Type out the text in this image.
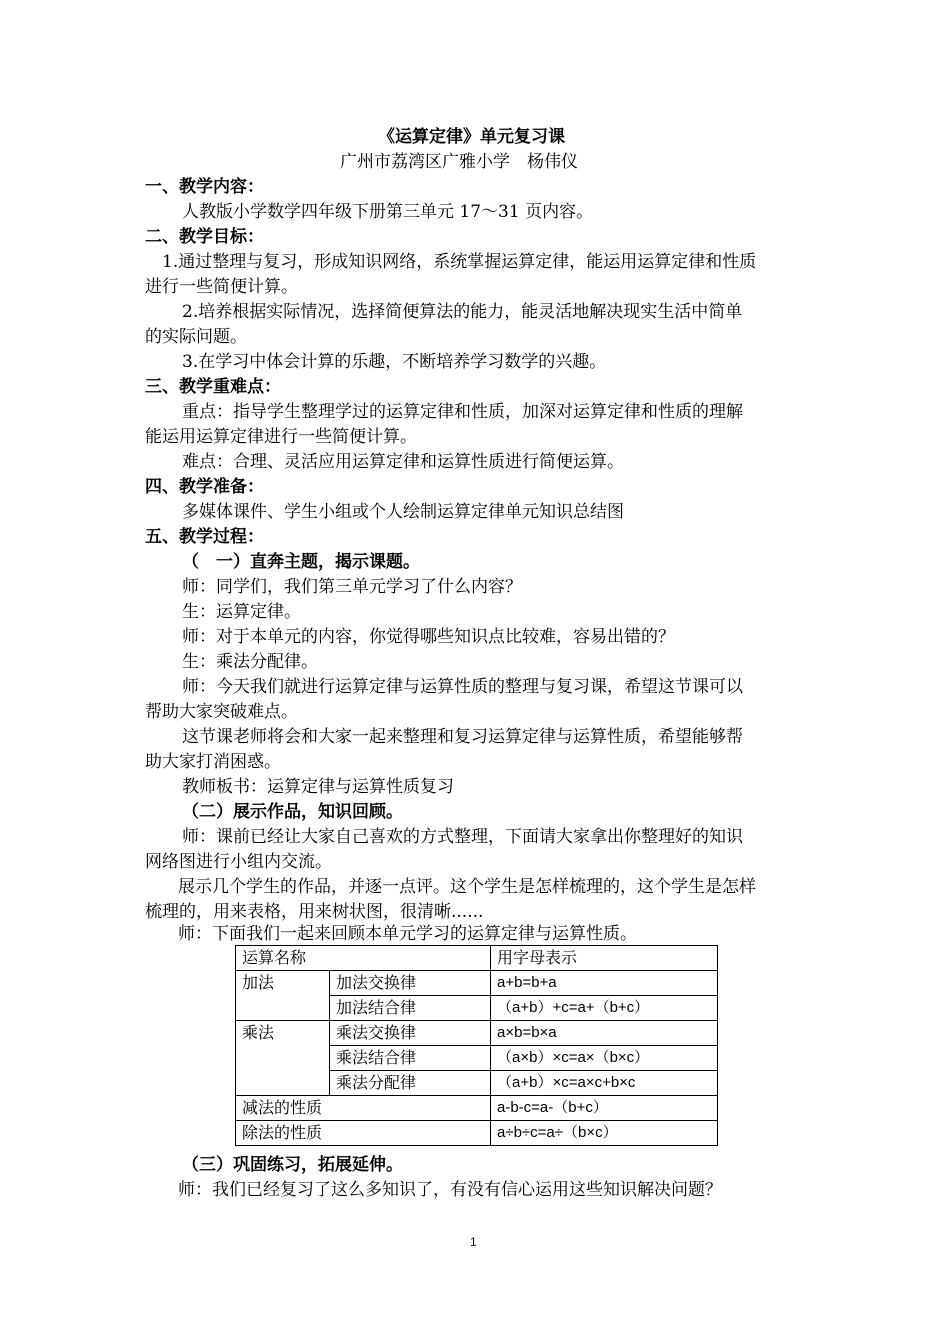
《运算定律》单元复习课
广州市荔湾区广雅小学　杨伟仪
一、教学内容：
人教版小学数学四年级下册第三单元 17～31 页内容。
二、教学目标：
1.通过整理与复习，形成知识网络，系统掌握运算定律，能运用运算定律和性质
进行一些简便计算。
2.培养根据实际情况，选择简便算法的能力，能灵活地解决现实生活中简单
的实际问题。
3.在学习中体会计算的乐趣，不断培养学习数学的兴趣。
三、教学重难点：
重点：指导学生整理学过的运算定律和性质，加深对运算定律和性质的理解
能运用运算定律进行一些简便计算。
难点：合理、灵活应用运算定律和运算性质进行简便运算。
四、教学准备：
多媒体课件、学生小组或个人绘制运算定律单元知识总结图
五、教学过程：
（　一）直奔主题，揭示课题。
师：同学们，我们第三单元学习了什么内容？
生：运算定律。
师：对于本单元的内容，你觉得哪些知识点比较难，容易出错的？
生：乘法分配律。
师：今天我们就进行运算定律与运算性质的整理与复习课，希望这节课可以
帮助大家突破难点。
这节课老师将会和大家一起来整理和复习运算定律与运算性质，希望能够帮
助大家打消困惑。
教师板书：运算定律与运算性质复习
（二）展示作品，知识回顾。
师：课前已经让大家自己喜欢的方式整理，下面请大家拿出你整理好的知识
网络图进行小组内交流。
展示几个学生的作品，并逐一点评。这个学生是怎样梳理的，这个学生是怎样
梳理的，用来表格，用来树状图，很清晰......
师：下面我们一起来回顾本单元学习的运算定律与运算性质。
运算名称		用字母表示
加法	加法交换律	a+b=b+a
	加法结合律	（a+b）+c=a+（b+c）
乘法	乘法交换律	a×b=b×a
	乘法结合律	（a×b）×c=a×（b×c）
	乘法分配律	（a+b）×c=a×c+b×c
减法的性质		a-b-c=a-（b+c）
除法的性质		a÷b÷c=a÷（b×c）
（三）巩固练习，拓展延伸。
师：我们已经复习了这么多知识了，有没有信心运用这些知识解决问题？
1
